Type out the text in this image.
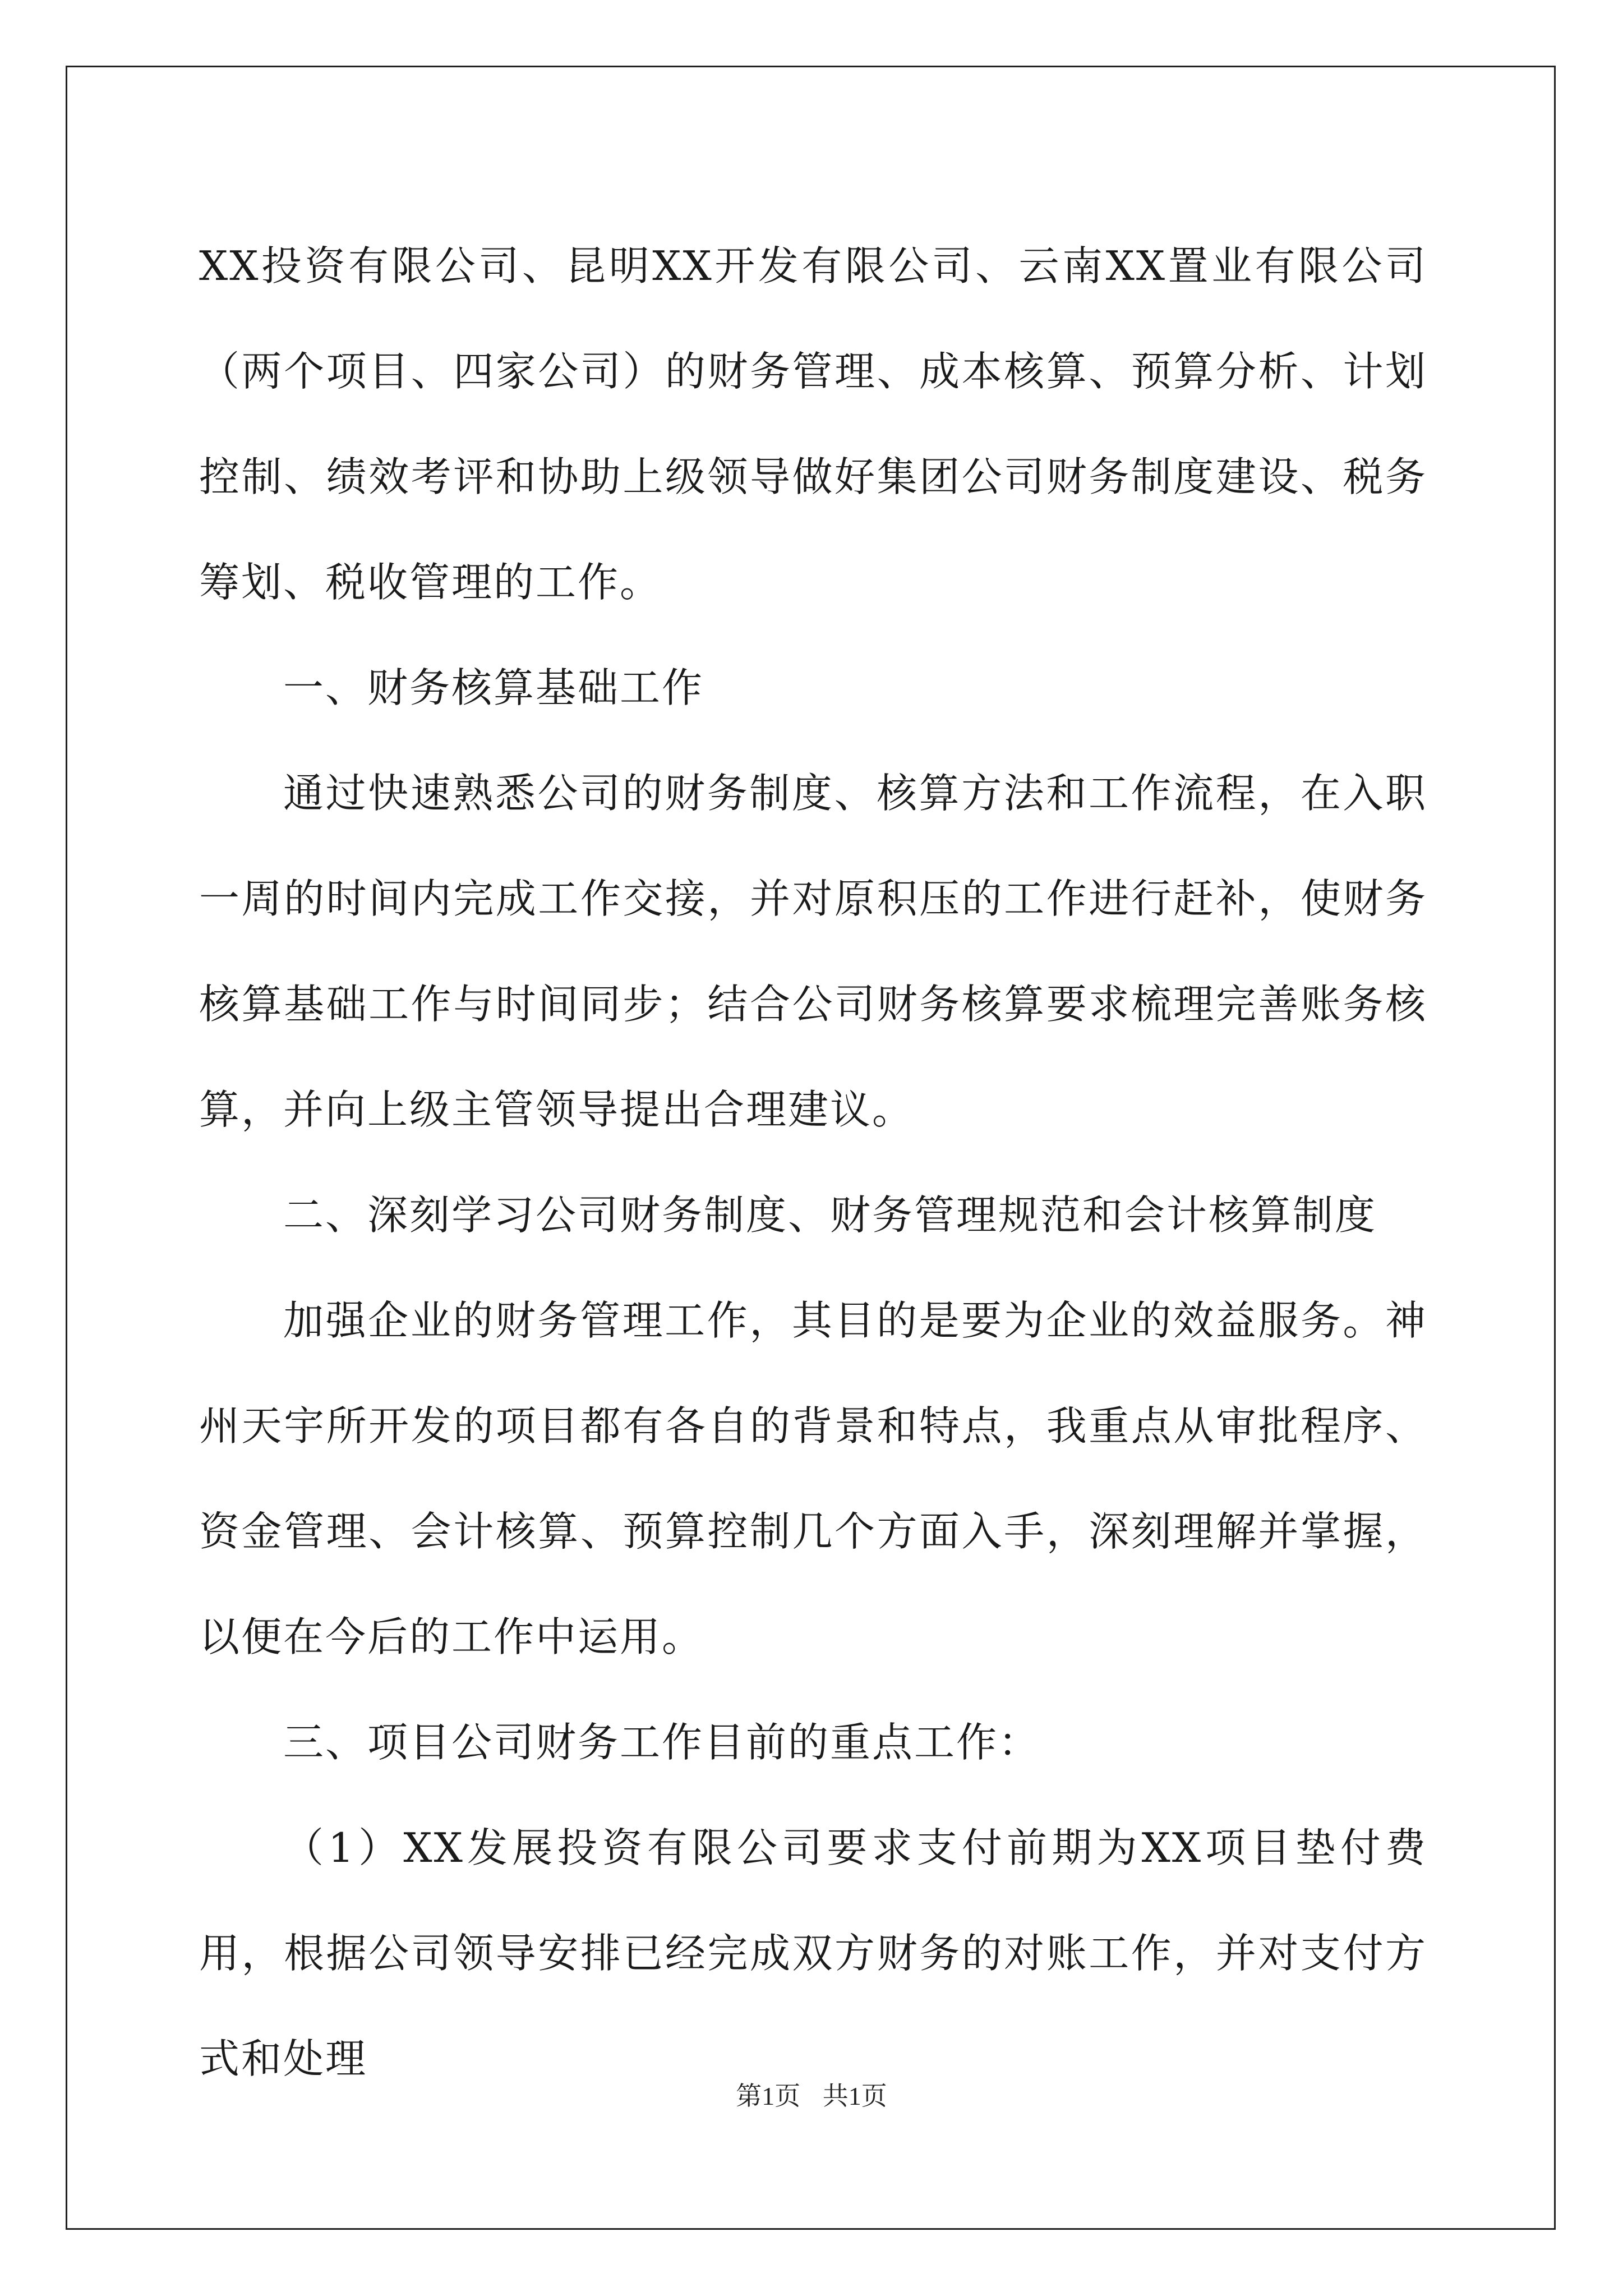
XX投资有限公司、昆明XX开发有限公司、云南XX置业有限公司（两个项目、四家公司）的财务管理、成本核算、预算分析、计划控制、绩效考评和协助上级领导做好集团公司财务制度建设、税务筹划、税收管理的工作。

一、财务核算基础工作

通过快速熟悉公司的财务制度、核算方法和工作流程，在入职一周的时间内完成工作交接，并对原积压的工作进行赶补，使财务核算基础工作与时间同步；结合公司财务核算要求梳理完善账务核算，并向上级主管领导提出合理建议。

二、深刻学习公司财务制度、财务管理规范和会计核算制度

加强企业的财务管理工作，其目的是要为企业的效益服务。神州天宇所开发的项目都有各自的背景和特点，我重点从审批程序、资金管理、会计核算、预算控制几个方面入手，深刻理解并掌握，以便在今后的工作中运用。

三、项目公司财务工作目前的重点工作：

（1）XX发展投资有限公司要求支付前期为XX项目垫付费用，根据公司领导安排已经完成双方财务的对账工作，并对支付方式和处理

第1页 共1页
